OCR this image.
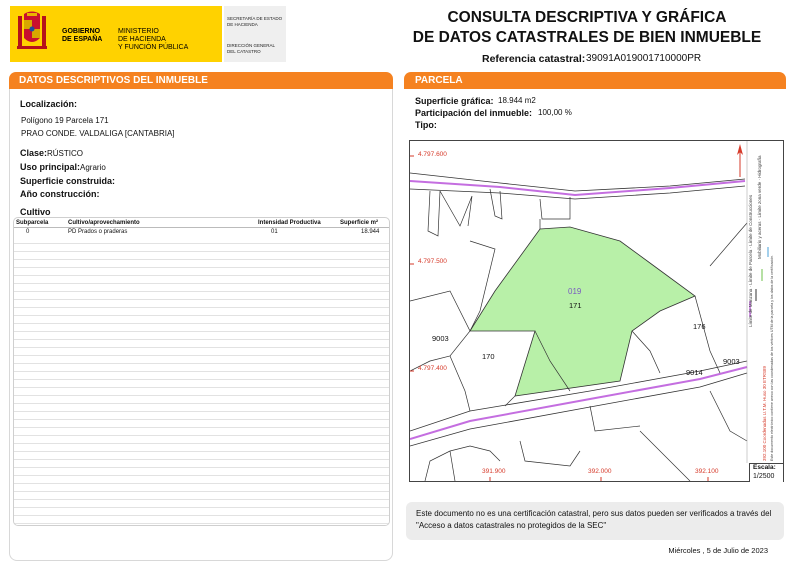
GOBIERNO
DE ESPAÑA
MINISTERIO
DE HACIENDA
Y FUNCIÓN PÚBLICA
SECRETARÍA DE ESTADO
DE HACIENDA
DIRECCIÓN GENERAL
DEL CATASTRO
CONSULTA DESCRIPTIVA Y GRÁFICA
DE DATOS CATASTRALES DE BIEN INMUEBLE
Referencia catastral: 39091A019001710000PR
DATOS DESCRIPTIVOS DEL INMUEBLE
Localización:
Polígono 19 Parcela 171
PRAO CONDE. VALDALIGA [CANTABRIA]
Clase: RÚSTICO
Uso principal: Agrario
Superficie construida:
Año construcción:
Cultivo
Subparcela	Cultivo/aprovechamiento	Intensidad Productiva	Superficie m²
0	PD Prados o praderas	01	18.944
PARCELA
Superficie gráfica: 18.944 m2
Participación del inmueble: 100,00 %
Tipo:
4.797.600
4.797.500
4.797.400
391.900	392.000	392.100
019
171
176
170
9003
9003
9014
Límite de Manzana · Límite de Parcela · Límite de Construcciones Mobiliario y aceras · Límite zona verde · Hidrografía
392.100 Coordenadas U.T.M. Huso 30 ETRS89 Este documento electrónico contiene anexo con las coordenadas de los vértices UTM de la parcela y los datos de la certificación.
Escala:
1/2500
Este documento no es una certificación catastral, pero sus datos pueden ser verificados a través del "Acceso a datos catastrales no protegidos de la SEC"
Miércoles , 5 de Julio de 2023
